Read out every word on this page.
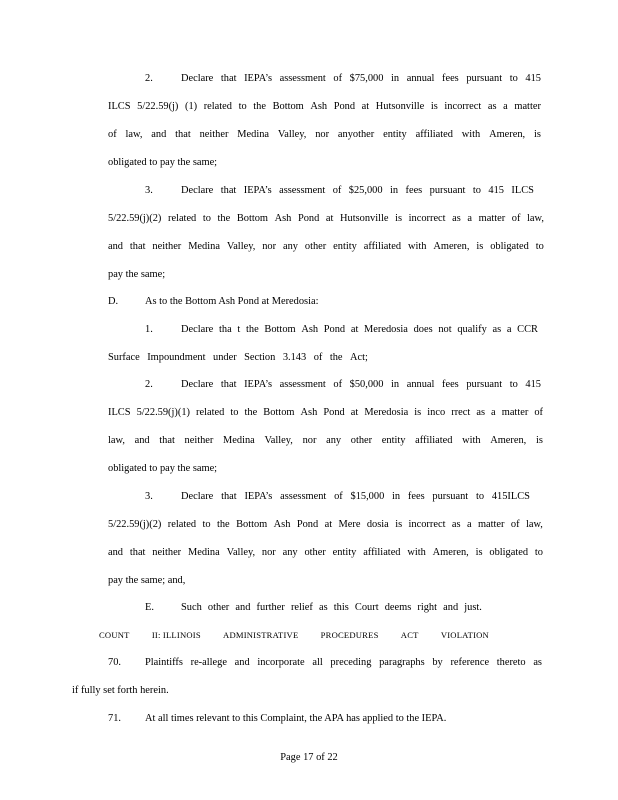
2.	Declare that IEPA’s assessment of $75,000 in annual fees pursuant to 415
ILCS 5/22.59(j) (1) related to the Bottom Ash Pond at Hutsonville is incorrect as a matter
of law, and that neither Medina Valley, nor anyother entity affiliated with Ameren, is
obligated to pay the same;
3.	Declare that IEPA’s assessment of $25,000 in fees pursuant to 415 ILCS
5/22.59(j)(2) related to the Bottom Ash Pond at Hutsonville is incorrect as a matter of law,
and that neither Medina Valley, nor any other entity affiliated with Ameren, is obligated to
pay the same;
D.	As to the Bottom Ash Pond at Meredosia:
1.	Declare tha t the Bottom Ash Pond at Meredosia does not qualify as a CCR
Surface Impoundment under Section 3.143 of the Act;
2.	Declare that IEPA’s assessment of $50,000 in annual fees pursuant to 415
ILCS 5/22.59(j)(1) related to the Bottom Ash Pond at Meredosia is inco rrect as a matter of
law, and that neither Medina Valley, nor any other entity affiliated with Ameren, is
obligated to pay the same;
3.	Declare that IEPA’s assessment of $15,000 in fees pursuant to 415ILCS
5/22.59(j)(2) related to the Bottom Ash Pond at Mere dosia is incorrect as a matter of law,
and that neither Medina Valley, nor any other entity affiliated with Ameren, is obligated to
pay the same; and,
E.	Such other and further relief as this Court deems right and just.
COUNT	II: ILLINOIS	ADMINISTRATIVE	PROCEDURES	ACT	VIOLATION
70. Plaintiffs re-allege and incorporate all preceding paragraphs by reference thereto as
if fully set forth herein.
71. At all times relevant to this Complaint, the APA has applied to the IEPA.
Page 17 of 22
